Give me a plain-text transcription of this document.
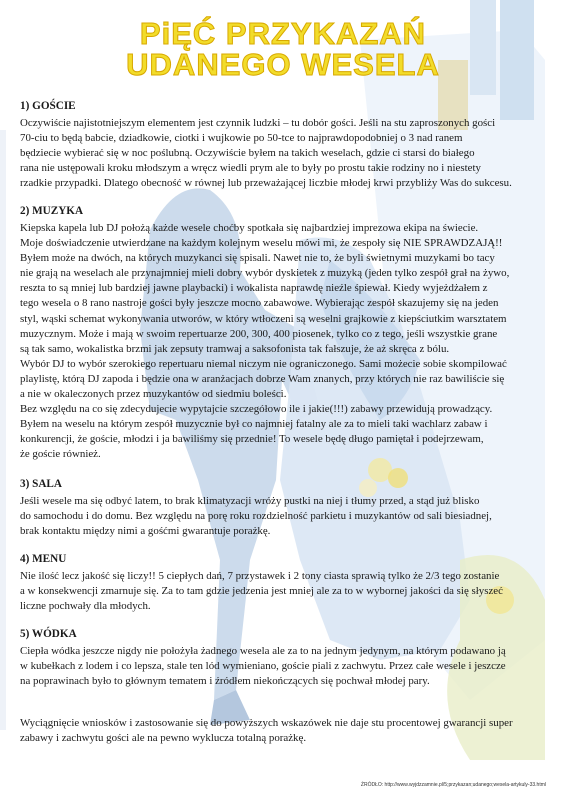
PiĘĆ PRZYKAZAŃ
UDANEGO WESELA
1) GOŚCIE

Oczywiście najistotniejszym elementem jest czynnik ludzki – tu dobór gości. Jeśli na stu zaproszonych gości
70-ciu to będą babcie, dziadkowie, ciotki i wujkowie po 50-tce to najprawdopodobniej o 3 nad ranem
będziecie wybierać się w noc poślubną. Oczywiście byłem na takich weselach, gdzie ci starsi do białego
rana nie ustępowali kroku młodszym a wręcz wiedli prym ale to były po prostu takie rodziny no i niestety
rzadkie przypadki. Dlatego obecność w równej lub przeważającej liczbie młodej krwi przybliży Was do sukcesu.

2) MUZYKA

Kiepska kapela lub DJ położą każde wesele choćby spotkała się najbardziej imprezowa ekipa na świecie.
Moje doświadczenie utwierdzane na każdym kolejnym weselu mówi mi, że zespoły się NIE SPRAWDZAJĄ!!
Byłem może na dwóch, na których muzykanci się spisali. Nawet nie to, że byli świetnymi muzykami bo tacy
nie grają na weselach ale przynajmniej mieli dobry wybór dyskietek z muzyką (jeden tylko zespół grał na żywo,
reszta to są mniej lub bardziej jawne playbacki) i wokalista naprawdę nieźle śpiewał. Kiedy wyjeżdżałem z
tego wesela o 8 rano nastroje gości były jeszcze mocno zabawowe. Wybierając zespół skazujemy się na jeden
styl, wąski schemat wykonywania utworów, w który wtłoczeni są weselni grajkowie z kiepściutkim warsztatem
muzycznym. Może i mają w swoim repertuarze 200, 300, 400 piosenek, tylko co z tego, jeśli wszystkie grane
są tak samo, wokalistka brzmi jak zepsuty tramwaj a saksofonista tak fałszuje, że aż skręca z bólu.

Wybór DJ to wybór szerokiego repertuaru niemal niczym nie ograniczonego. Sami możecie sobie skompilować
playlistę, którą DJ zapoda i będzie ona w aranżacjach dobrze Wam znanych, przy których nie raz bawiliście się
a nie w okaleczonych przez muzykantów od siedmiu boleści.

Bez względu na co się zdecydujecie wypytajcie szczegółowo ile i jakie(!!!) zabawy przewidują prowadzący.
Byłem na weselu na którym zespół muzycznie był co najmniej fatalny ale za to mieli taki wachlarz zabaw i
konkurencji, że goście, młodzi i ja bawiliśmy się przednie! To wesele będę długo pamiętał i podejrzewam,
że goście również.

3) SALA

Jeśli wesele ma się odbyć latem, to brak klimatyzacji wróży pustki na niej i tłumy przed, a stąd już blisko
do samochodu i do domu. Bez względu na porę roku rozdzielność parkietu i muzykantów od sali biesiadnej,
brak kontaktu między nimi a gośćmi gwarantuje porażkę.

4) MENU

Nie ilość lecz jakość się liczy!! 5 ciepłych dań, 7 przystawek i 2 tony ciasta sprawią tylko że 2/3 tego zostanie
a w konsekwencji zmarnuje się. Za to tam gdzie jedzenia jest mniej ale za to w wybornej jakości da się słyszeć
liczne pochwały dla młodych.

5) WÓDKA

Ciepła wódka jeszcze nigdy nie położyła żadnego wesela ale za to na jednym jedynym, na którym podawano ją
w kubełkach z lodem i co lepsza, stale ten lód wymieniano, goście piali z zachwytu. Przez całe wesele i jeszcze
na poprawinach było to głównym tematem i źródłem niekończących się pochwał młodej pary.

Wyciągnięcie wniosków i zastosowanie się do powyższych wskazówek nie daje stu procentowej gwarancji super
zabawy i zachwytu gości ale na pewno wyklucza totalną porażkę.
ŹRÓDŁO: http://www.wyjdzzamnie.pl/5;przykazan;udanego;wesela-artykuly-33.html
